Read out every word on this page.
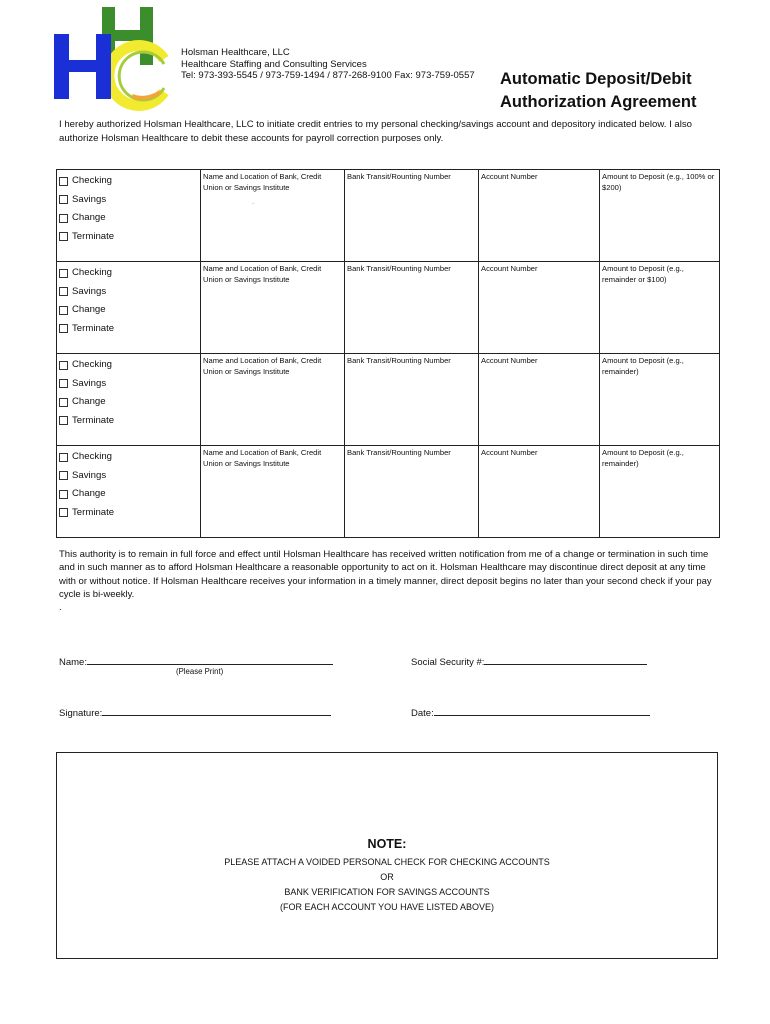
HHC
Holsman Healthcare, LLC
Healthcare Staffing and Consulting Services
Tel: 973-393-5545 / 973-759-1494 / 877-268-9100 Fax: 973-759-0557 Automatic Deposit/Debit
Authorization Agreement
I hereby authorized Holsman Healthcare, LLC to initiate credit entries to my personal checking/savings account and depository indicated below. I also authorize Holsman Healthcare to debit these accounts for payroll correction purposes only.
Checking
Savings
Change
Terminate	Name and Location of Bank, Credit Union or Savings Institute	Bank Transit/Rounting Number	Account Number	Amount to Deposit (e.g., 100% or $200)

Checking
Savings
Change
Terminate	Name and Location of Bank, Credit Union or Savings Institute	Bank Transit/Rounting Number	Account Number	Amount to Deposit (e.g., remainder or $100)

Checking
Savings
Change
Terminate	Name and Location of Bank, Credit Union or Savings Institute	Bank Transit/Rounting Number	Account Number	Amount to Deposit (e.g., remainder)

Checking
Savings
Change
Terminate	Name and Location of Bank, Credit Union or Savings Institute	Bank Transit/Rounting Number	Account Number	Amount to Deposit (e.g., remainder)
This authority is to remain in full force and effect until Holsman Healthcare has received written notification from me of a change or termination in such time and in such manner as to afford Holsman Healthcare a reasonable opportunity to act on it. Holsman Healthcare may discontinue direct deposit at any time with or without notice. If Holsman Healthcare receives your information in a timely manner, direct deposit begins no later than your second check if your pay cycle is bi-weekly.
.
Name:
(Please Print)
Social Security #:
Signature:	Date:
NOTE:
PLEASE ATTACH A VOIDED PERSONAL CHECK FOR CHECKING ACCOUNTS
OR
BANK VERIFICATION FOR SAVINGS ACCOUNTS
(FOR EACH ACCOUNT YOU HAVE LISTED ABOVE)
